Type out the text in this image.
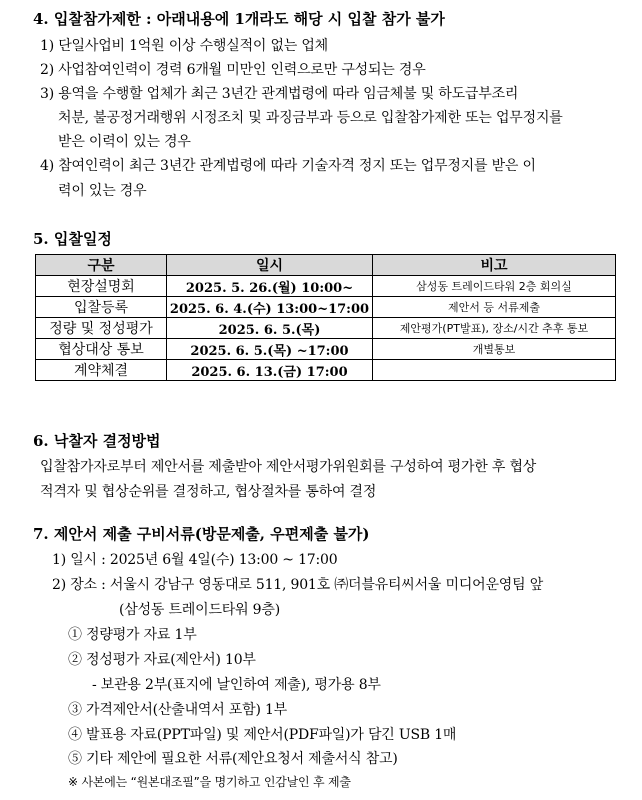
4. 입찰참가제한 : 아래내용에 1개라도 해당 시 입찰 참가 불가
1) 단일사업비 1억원 이상 수행실적이 없는 업체
2) 사업참여인력이 경력 6개월 미만인 인력으로만 구성되는 경우
3) 용역을 수행할 업체가 최근 3년간 관계법령에 따라 임금체불 및 하도급부조리
처분, 불공정거래행위 시정조치 및 과징금부과 등으로 입찰참가제한 또는 업무정지를
받은 이력이 있는 경우
4) 참여인력이 최근 3년간 관계법령에 따라 기술자격 정지 또는 업무정지를 받은 이
력이 있는 경우
5. 입찰일정
구분	일시	비고
현장설명회	2025. 5. 26.(월) 10:00~	삼성동 트레이드타워 2층 회의실
입찰등록	2025. 6. 4.(수) 13:00~17:00	제안서 등 서류제출
정량 및 정성평가	2025. 6. 5.(목)	제안평가(PT발표), 장소/시간 추후 통보
협상대상 통보	2025. 6. 5.(목) ~17:00	개별통보
계약체결	2025. 6. 13.(금) 17:00	
6. 낙찰자 결정방법
입찰참가자로부터 제안서를 제출받아 제안서평가위원회를 구성하여 평가한 후 협상
적격자 및 협상순위를 결정하고, 협상절차를 통하여 결정
7. 제안서 제출 구비서류(방문제출, 우편제출 불가)
1) 일시 : 2025년 6월 4일(수) 13:00 ~ 17:00
2) 장소 : 서울시 강남구 영동대로 511, 901호 ㈜더블유티씨서울 미디어운영팀 앞
(삼성동 트레이드타워 9층)
① 정량평가 자료 1부
② 정성평가 자료(제안서) 10부
- 보관용 2부(표지에 날인하여 제출), 평가용 8부
③ 가격제안서(산출내역서 포함) 1부
④ 발표용 자료(PPT파일) 및 제안서(PDF파일)가 담긴 USB 1매
⑤ 기타 제안에 필요한 서류(제안요청서 제출서식 참고)
※ 사본에는 “원본대조필”을 명기하고 인감날인 후 제출
